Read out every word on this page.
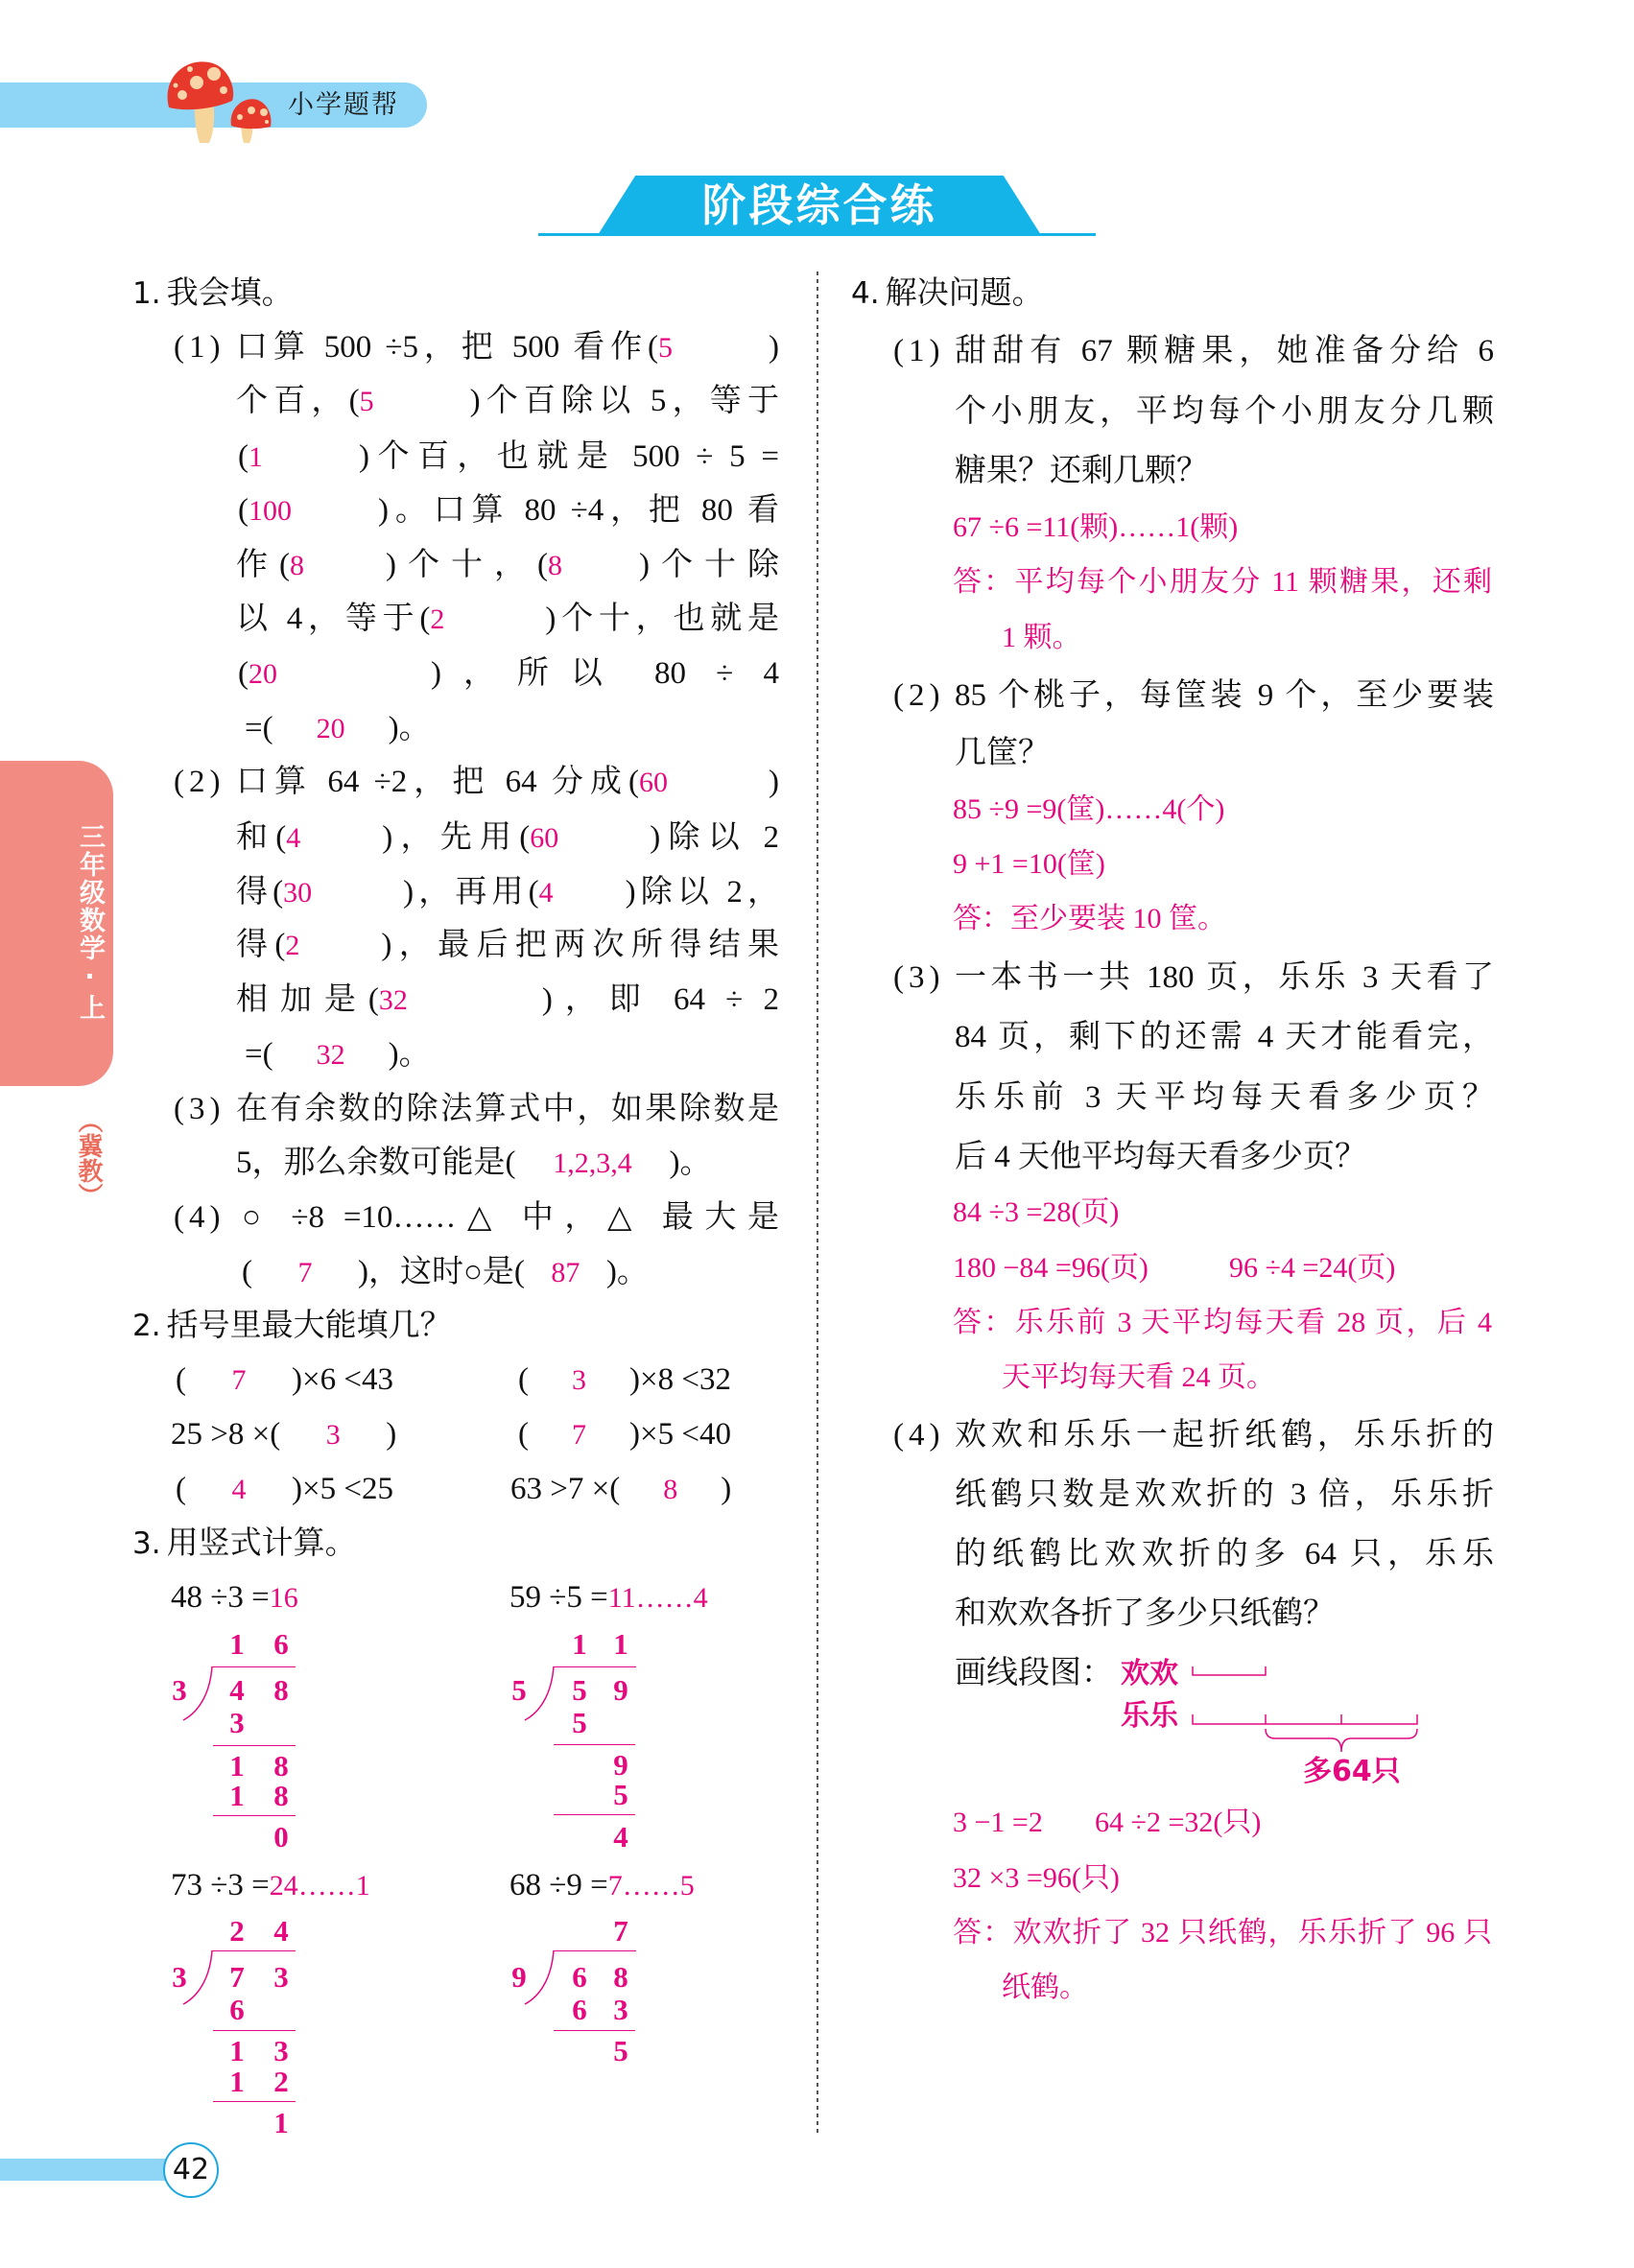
小学题帮
阶段综合练
三年级数学·上
（冀教）
1. 我会填。
(1) 口算 500 ÷5，把 500 看作(5	)
个百，(5	)个百除以 5，等于
(1	)个百，也就是 500 ÷ 5 =
(100	)。口算 80 ÷4，把 80 看
作(8	)个十，(8 )个十除
以 4，等于(2	)个十，也就是
(20	)，所以 80 ÷ 4
=( 20 )。
(2) 口算 64 ÷2，把 64 分成(60	)
和(4	)，先用(60	)除以 2
得(30	)，再用(4 )除以 2，
得(2	)，最后把两次所得结果
相加是(32	)，即 64 ÷ 2
=( 32 )。
(3) 在有余数的除法算式中，如果除数是
5，那么余数可能是( 1,2,3,4 )。
(4) ○ ÷8 =10……△ 中，△ 最大是
( 7 )，这时○是( 87 )。
2. 括号里最大能填几？
( 7 )×6 <43	( 3 )×8 <32
25 >8 ×( 3 )	( 7 )×5 <40
( 4 )×5 <25	63 >7 ×( 8 )
3. 用竖式计算。
48 ÷3 =16
1 6
3 4 8
3
1 8
1 8
0
59 ÷5 =11……4
1 1
5 5 9
5
9
5
4
73 ÷3 =24……1
2 4
3 7 3
6
1 3
1 2
1
68 ÷9 =7……5
7
9 6 8
6 3
5
4. 解决问题。
(1) 甜甜有 67 颗糖果，她准备分给 6
个小朋友，平均每个小朋友分几颗
糖果？还剩几颗？
67 ÷6 =11(颗)……1(颗)
答：平均每个小朋友分 11 颗糖果，还剩
1 颗。
(2) 85 个桃子，每筐装 9 个，至少要装
几筐？
85 ÷9 =9(筐)……4(个)
9 +1 =10(筐)
答：至少要装 10 筐。
(3) 一本书一共 180 页，乐乐 3 天看了
84 页，剩下的还需 4 天才能看完，
乐乐前 3 天平均每天看多少页？
后 4 天他平均每天看多少页？
84 ÷3 =28(页)
180 −84 =96(页)	96 ÷4 =24(页)
答：乐乐前 3 天平均每天看 28 页，后 4
天平均每天看 24 页。
(4) 欢欢和乐乐一起折纸鹤，乐乐折的
纸鹤只数是欢欢折的 3 倍，乐乐折
的纸鹤比欢欢折的多 64 只，乐乐
和欢欢各折了多少只纸鹤？
画线段图： 欢欢
乐乐
多64只
3 −1 =2 64 ÷2 =32(只)
32 ×3 =96(只)
答：欢欢折了 32 只纸鹤，乐乐折了 96 只
纸鹤。
42
